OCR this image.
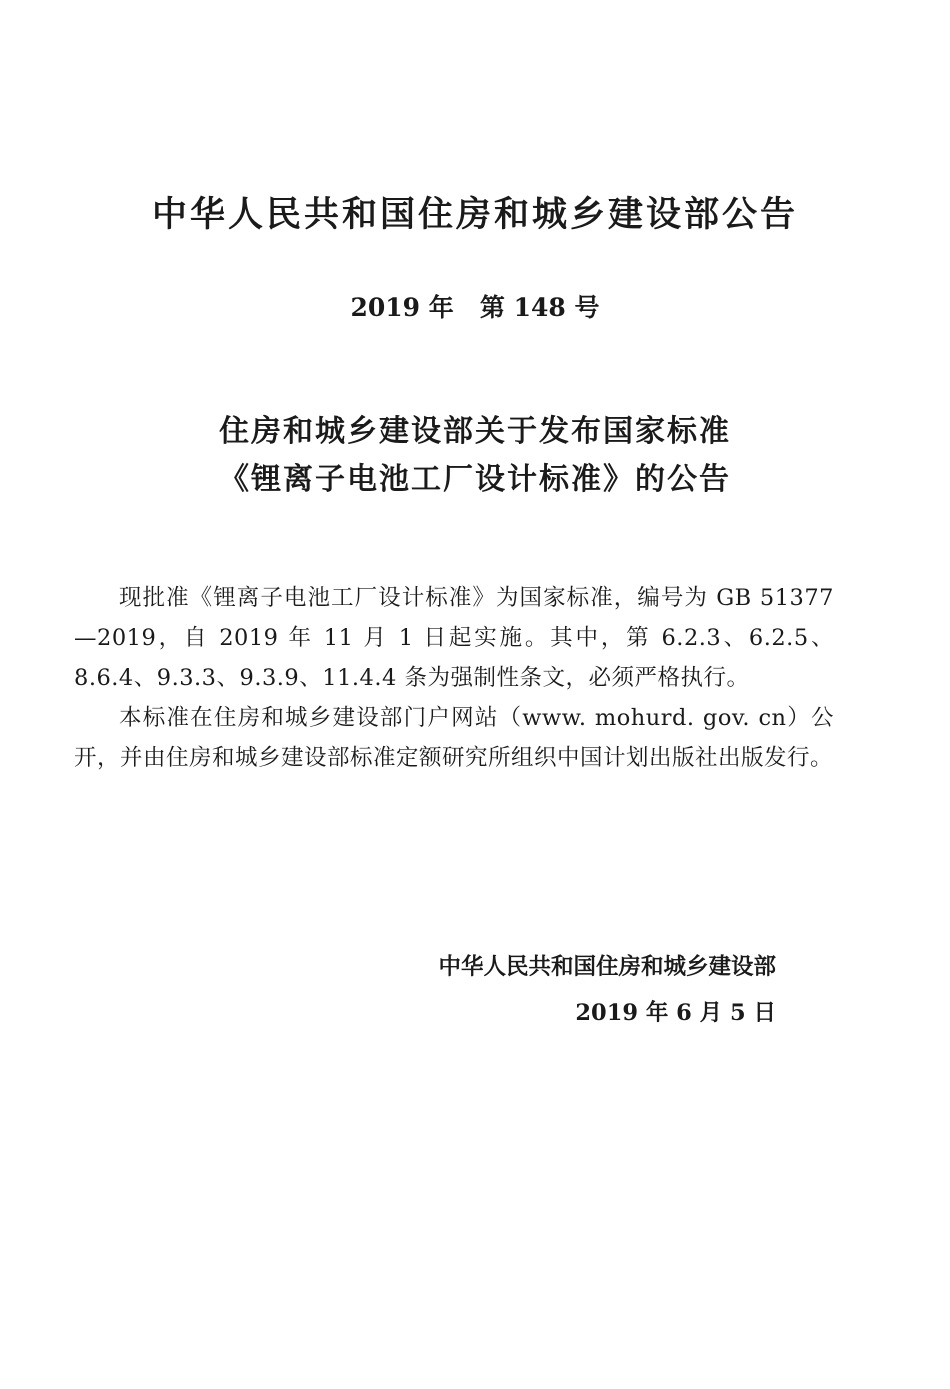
中华人民共和国住房和城乡建设部公告
2019 年   第 148 号
住房和城乡建设部关于发布国家标准
《锂离子电池工厂设计标准》的公告

现批准《锂离子电池工厂设计标准》为国家标准，编号为 GB 51377—2019，自 2019 年 11 月 1 日起实施。其中，第 6.2.3、6.2.5、8.6.4、9.3.3、9.3.9、11.4.4 条为强制性条文，必须严格执行。

本标准在住房和城乡建设部门户网站（www. mohurd. gov. cn）公开，并由住房和城乡建设部标准定额研究所组织中国计划出版社出版发行。

中华人民共和国住房和城乡建设部
2019 年 6 月 5 日
